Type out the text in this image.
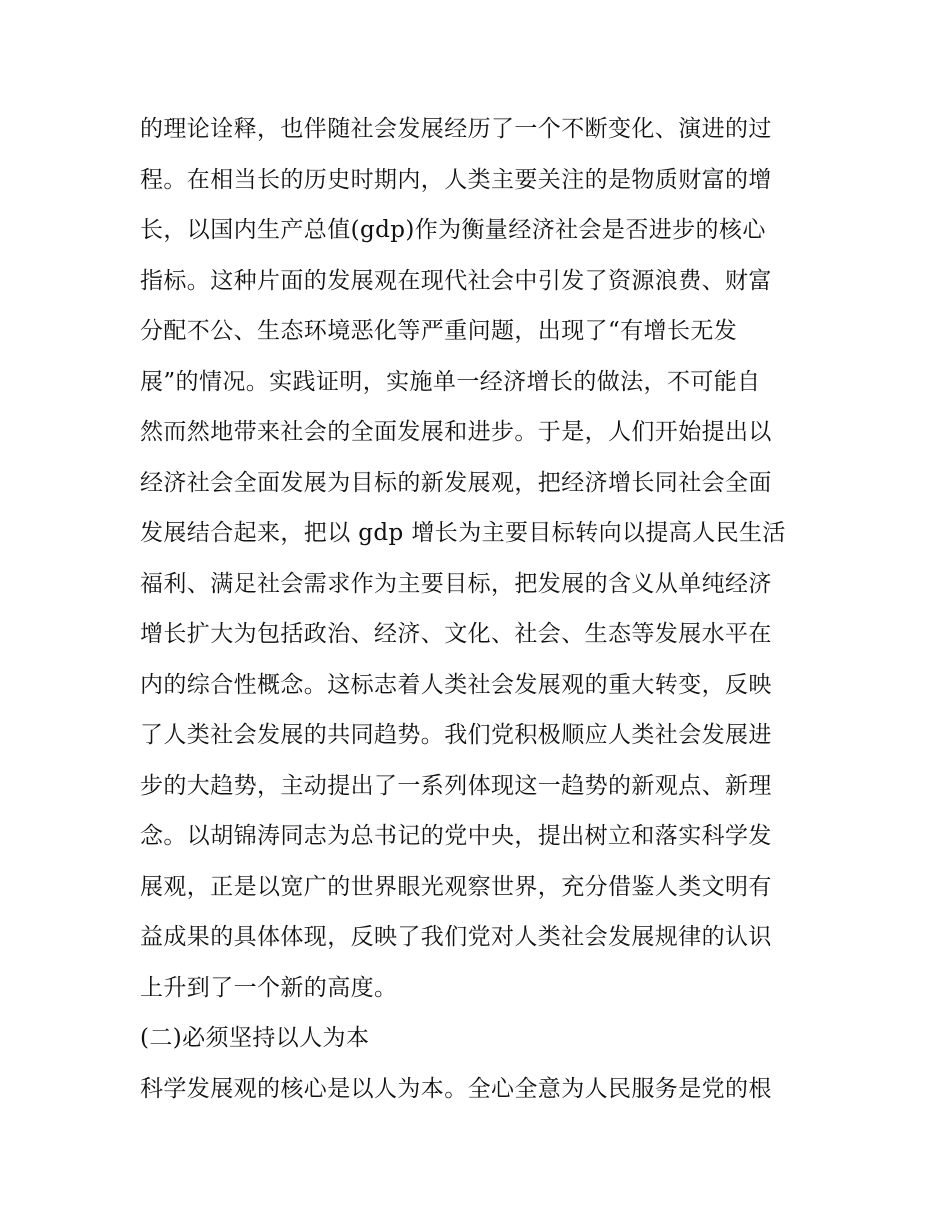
的理论诠释，也伴随社会发展经历了一个不断变化、演进的过
程。在相当长的历史时期内，人类主要关注的是物质财富的增
长，以国内生产总值(gdp)作为衡量经济社会是否进步的核心
指标。这种片面的发展观在现代社会中引发了资源浪费、财富
分配不公、生态环境恶化等严重问题，出现了“有增长无发
展”的情况。实践证明，实施单一经济增长的做法，不可能自
然而然地带来社会的全面发展和进步。于是，人们开始提出以
经济社会全面发展为目标的新发展观，把经济增长同社会全面
发展结合起来，把以 gdp 增长为主要目标转向以提高人民生活
福利、满足社会需求作为主要目标，把发展的含义从单纯经济
增长扩大为包括政治、经济、文化、社会、生态等发展水平在
内的综合性概念。这标志着人类社会发展观的重大转变，反映
了人类社会发展的共同趋势。我们党积极顺应人类社会发展进
步的大趋势，主动提出了一系列体现这一趋势的新观点、新理
念。以胡锦涛同志为总书记的党中央，提出树立和落实科学发
展观，正是以宽广的世界眼光观察世界，充分借鉴人类文明有
益成果的具体体现，反映了我们党对人类社会发展规律的认识
上升到了一个新的高度。
(二)必须坚持以人为本
科学发展观的核心是以人为本。全心全意为人民服务是党的根
